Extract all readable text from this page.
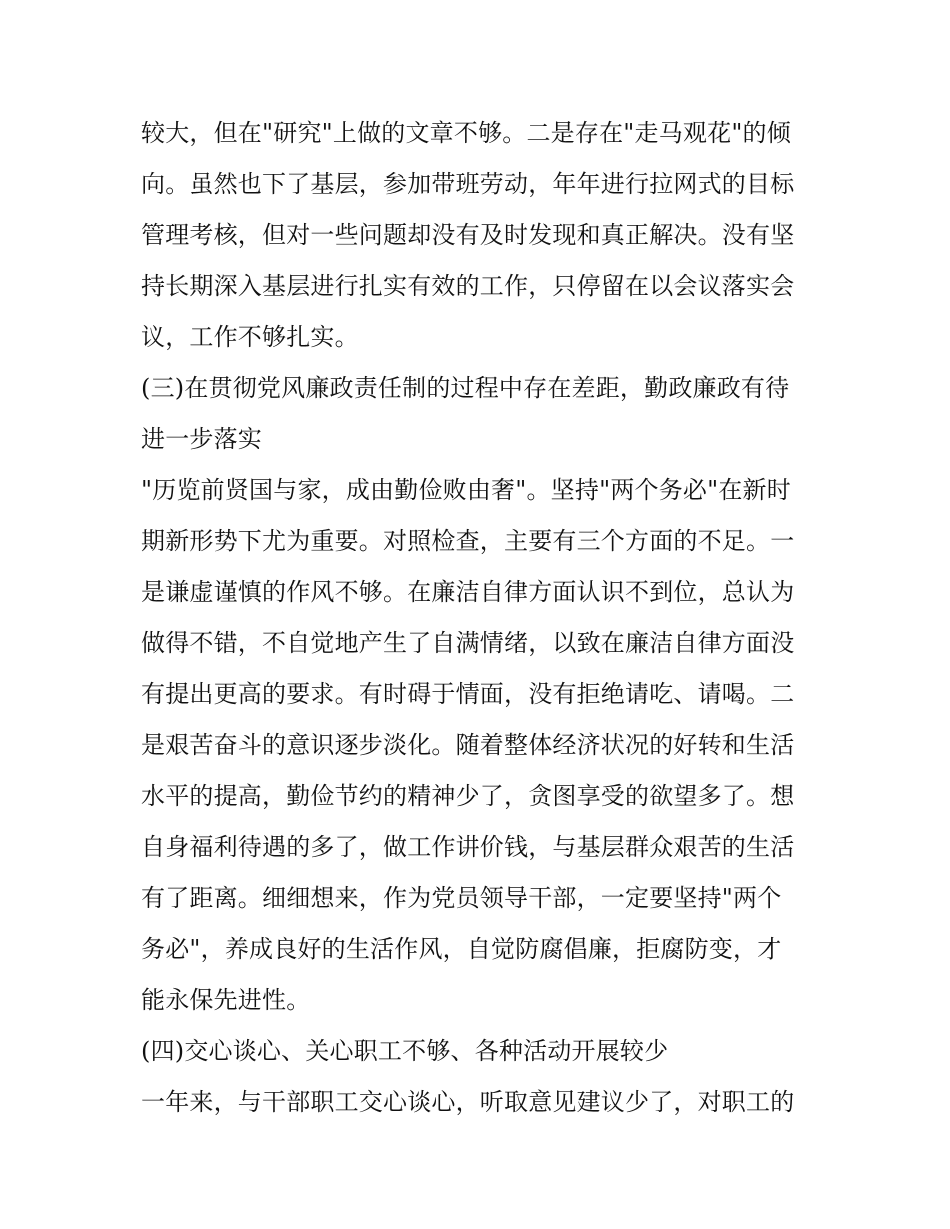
较大，但在"研究"上做的文章不够。二是存在"走马观花"的倾
向。虽然也下了基层，参加带班劳动，年年进行拉网式的目标
管理考核，但对一些问题却没有及时发现和真正解决。没有坚
持长期深入基层进行扎实有效的工作，只停留在以会议落实会
议，工作不够扎实。
(三)在贯彻党风廉政责任制的过程中存在差距，勤政廉政有待
进一步落实
"历览前贤国与家，成由勤俭败由奢"。坚持"两个务必"在新时
期新形势下尤为重要。对照检查，主要有三个方面的不足。一
是谦虚谨慎的作风不够。在廉洁自律方面认识不到位，总认为
做得不错，不自觉地产生了自满情绪，以致在廉洁自律方面没
有提出更高的要求。有时碍于情面，没有拒绝请吃、请喝。二
是艰苦奋斗的意识逐步淡化。随着整体经济状况的好转和生活
水平的提高，勤俭节约的精神少了，贪图享受的欲望多了。想
自身福利待遇的多了，做工作讲价钱，与基层群众艰苦的生活
有了距离。细细想来，作为党员领导干部，一定要坚持"两个
务必"，养成良好的生活作风，自觉防腐倡廉，拒腐防变，才
能永保先进性。
(四)交心谈心、关心职工不够、各种活动开展较少
一年来，与干部职工交心谈心，听取意见建议少了，对职工的
